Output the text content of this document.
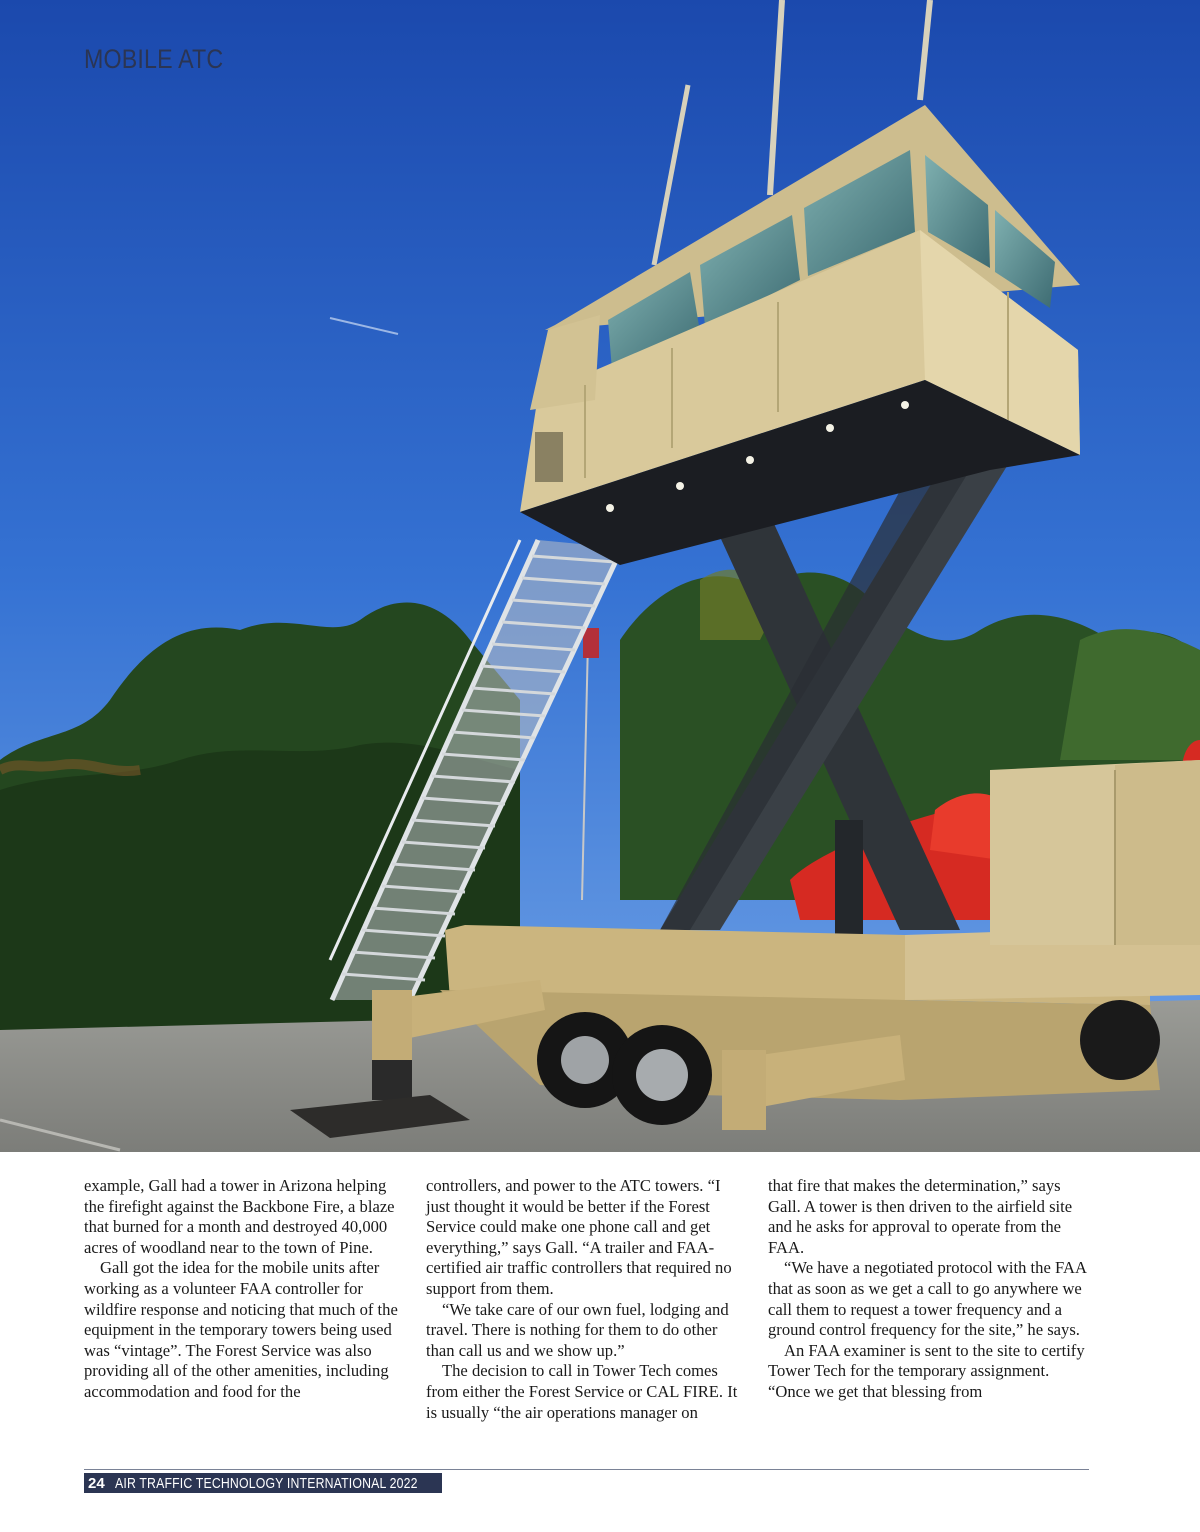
MOBILE ATC

example, Gall had a tower in Arizona helping the firefight against the Backbone Fire, a blaze that burned for a month and destroyed 40,000 acres of woodland near to the town of Pine.

Gall got the idea for the mobile units after working as a volunteer FAA controller for wildfire response and noticing that much of the equipment in the temporary towers being used was “vintage”. The Forest Service was also providing all of the other amenities, including accommodation and food for the

controllers, and power to the ATC towers. “I just thought it would be better if the Forest Service could make one phone call and get everything,” says Gall. “A trailer and FAA-certified air traffic controllers that required no support from them.

“We take care of our own fuel, lodging and travel. There is nothing for them to do other than call us and we show up.”

The decision to call in Tower Tech comes from either the Forest Service or CAL FIRE. It is usually “the air operations manager on

that fire that makes the determination,” says Gall. A tower is then driven to the airfield site and he asks for approval to operate from the FAA.

“We have a negotiated protocol with the FAA that as soon as we get a call to go anywhere we call them to request a tower frequency and a ground control frequency for the site,” he says.

An FAA examiner is sent to the site to certify Tower Tech for the temporary assignment. “Once we get that blessing from

24 AIR TRAFFIC TECHNOLOGY INTERNATIONAL 2022
